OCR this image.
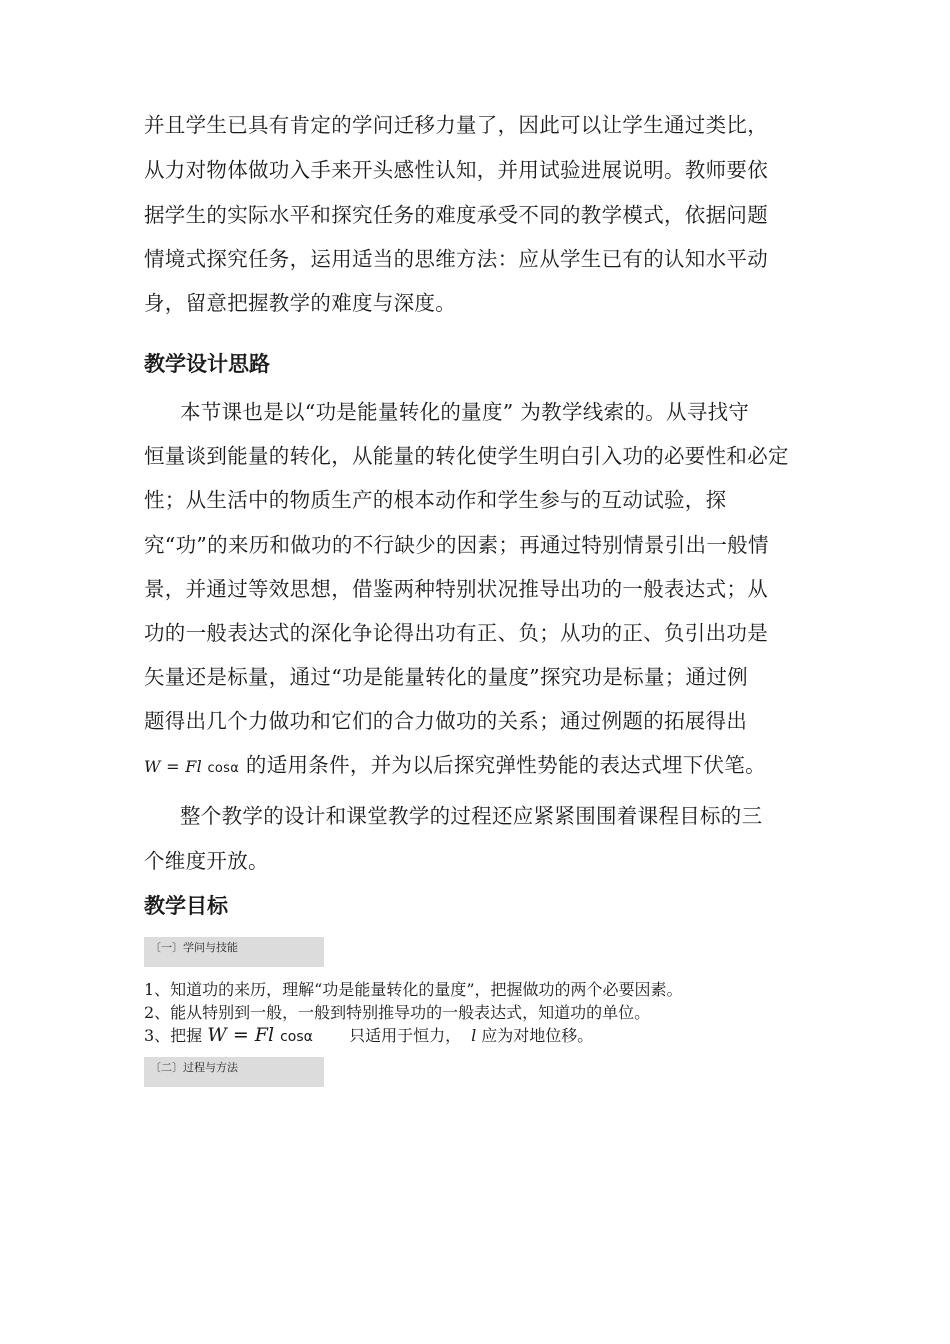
并且学生已具有肯定的学问迁移力量了，因此可以让学生通过类比，
从力对物体做功入手来开头感性认知，并用试验进展说明。教师要依
据学生的实际水平和探究任务的难度承受不同的教学模式，依据问题
情境式探究任务，运用适当的思维方法：应从学生已有的认知水平动
身，留意把握教学的难度与深度。
教学设计思路
本节课也是以“功是能量转化的量度” 为教学线索的。从寻找守
恒量谈到能量的转化，从能量的转化使学生明白引入功的必要性和必定
性；从生活中的物质生产的根本动作和学生参与的互动试验，探
究“功”的来历和做功的不行缺少的因素；再通过特别情景引出一般情
景，并通过等效思想，借鉴两种特别状况推导出功的一般表达式；从
功的一般表达式的深化争论得出功有正、负；从功的正、负引出功是
矢量还是标量，通过“功是能量转化的量度”探究功是标量；通过例
题得出几个力做功和它们的合力做功的关系；通过例题的拓展得出
W = Fl cosα 的适用条件，并为以后探究弹性势能的表达式埋下伏笔。
整个教学的设计和课堂教学的过程还应紧紧围围着课程目标的三
个维度开放。
教学目标
〔一〕学问与技能
1、知道功的来历，理解“功是能量转化的量度”，把握做功的两个必要因素。
2、能从特别到一般，一般到特别推导功的一般表达式，知道功的单位。
3、把握 W = Fl cosα  只适用于恒力， l 应为对地位移。
〔二〕过程与方法
